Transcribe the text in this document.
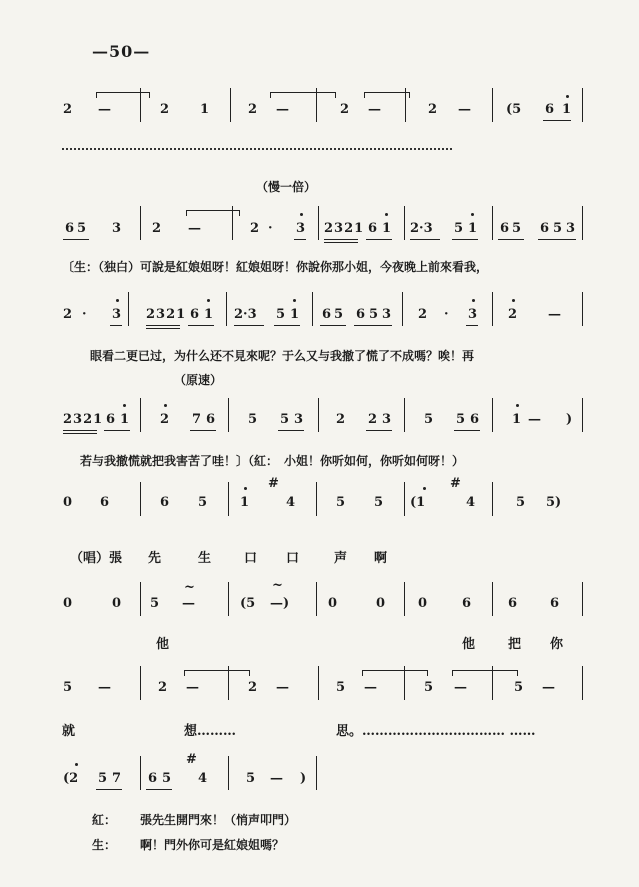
—50—
2 —	2 1	2 —	2 —	2 —	(5 6 1
（慢一倍）
6 5 3 2 —	2 · 3 2321 6 1 2·3 5 1 6 5 6 5 3
〔生：（独白）可說是紅娘姐呀！紅娘姐呀！你說你那小姐，今夜晚上前來看我，
2 · 3 2321 6 1 2·3 5 1 6 5 6 5 3 2 · 3 2 —
眼看二更已过，为什么还不見來呢？于么又与我撤了慌了不成嗎？唉！再
（原速）
2321 6 1 2 7 6	5 5 3	2 2 3	5 5 6	1 — )
若与我撤慌就把我害苦了哇！〕（紅：　小姐！你听如何，你听如何呀！）
0 6	6 5	1
#
4	5 5 (1
#
4	5 5)
（唱）張 先	生	口 口	声 啊
0	0 5
~
—	(5
~
—)	0	0	0	6	6	6
他	他	把 你
5 —	2 —	2 —	5 —	5 —	5 —
就	想………	思。…………………………… ……
(2 5 7 6 5
#
4	5 — )
紅： 張先生開門來！（悄声叩門）
生： 啊！門外你可是紅娘姐嗎？
